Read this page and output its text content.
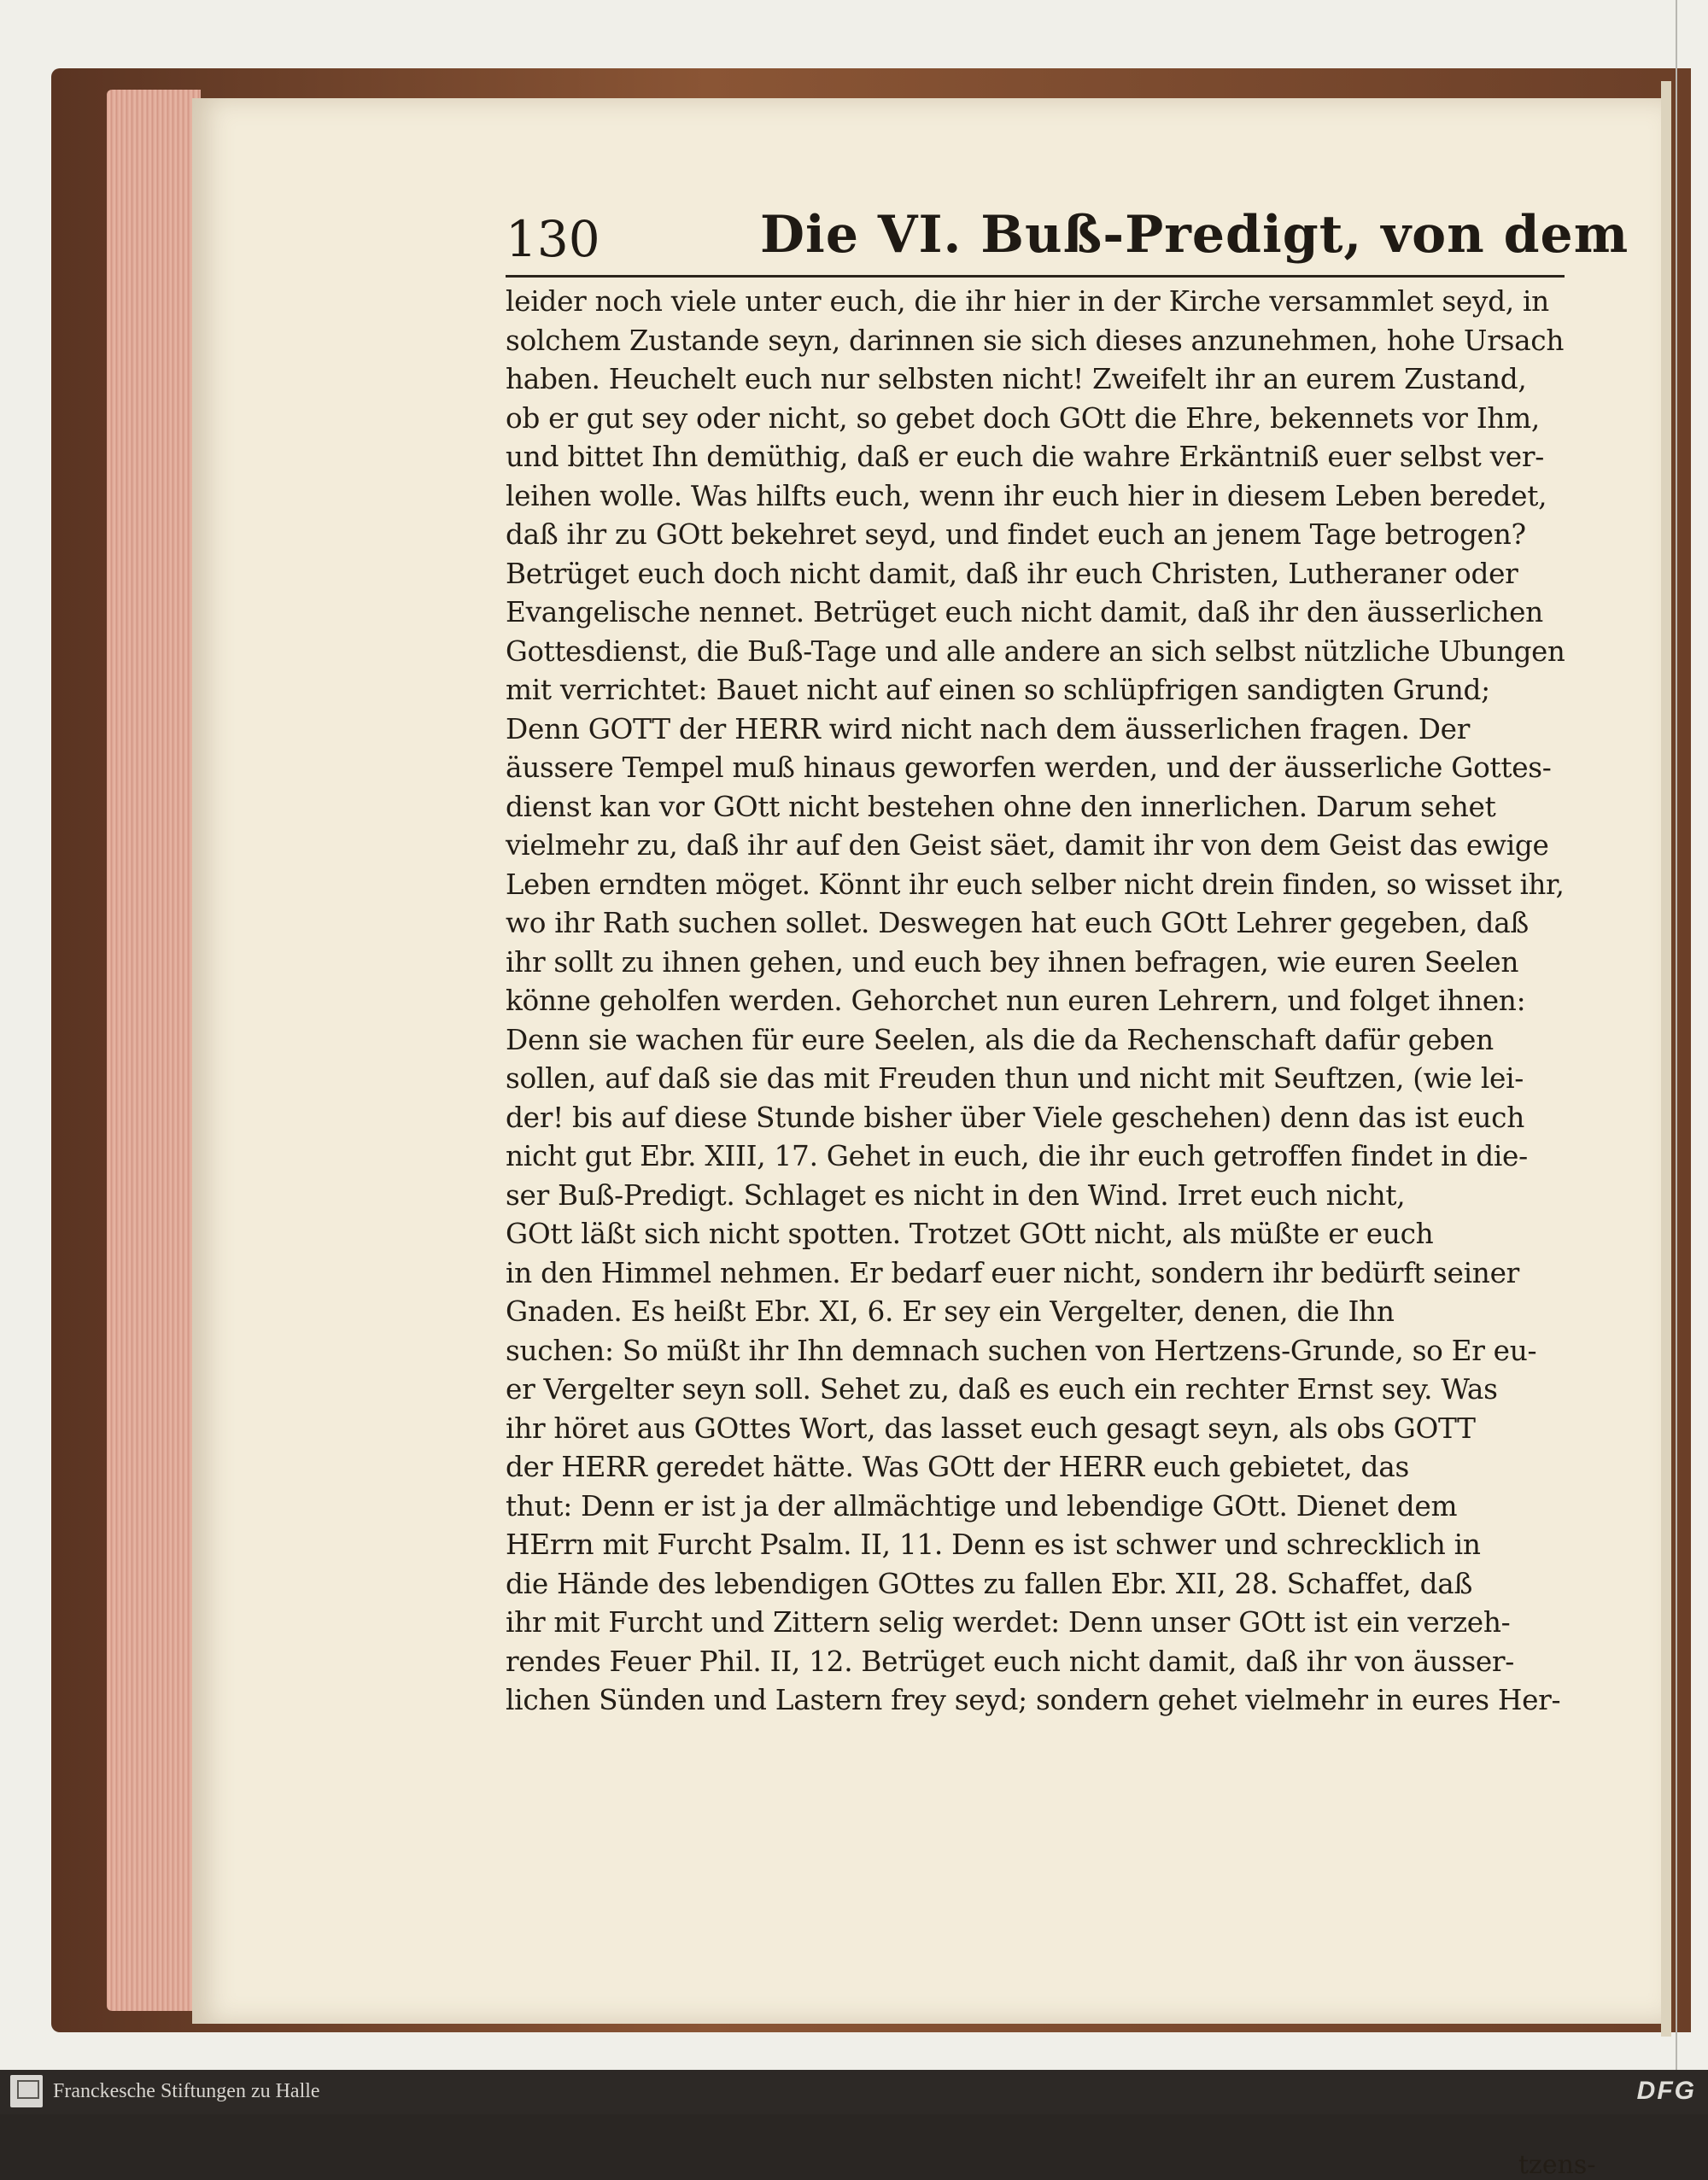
130	Die VI. Buß-Predigt, von dem
leider noch viele unter euch, die ihr hier in der Kirche versammlet seyd, in
solchem Zustande seyn, darinnen sie sich dieses anzunehmen, hohe Ursach
haben. Heuchelt euch nur selbsten nicht! Zweifelt ihr an eurem Zustand,
ob er gut sey oder nicht, so gebet doch GOtt die Ehre, bekennets vor Ihm,
und bittet Ihn demüthig, daß er euch die wahre Erkäntniß euer selbst ver-
leihen wolle. Was hilfts euch, wenn ihr euch hier in diesem Leben beredet,
daß ihr zu GOtt bekehret seyd, und findet euch an jenem Tage betrogen?
Betrüget euch doch nicht damit, daß ihr euch Christen, Lutheraner oder
Evangelische nennet. Betrüget euch nicht damit, daß ihr den äusserlichen
Gottesdienst, die Buß-Tage und alle andere an sich selbst nützliche Ubungen
mit verrichtet: Bauet nicht auf einen so schlüpfrigen sandigten Grund;
Denn GOTT der HERR wird nicht nach dem äusserlichen fragen. Der
äussere Tempel muß hinaus geworfen werden, und der äusserliche Gottes-
dienst kan vor GOtt nicht bestehen ohne den innerlichen. Darum sehet
vielmehr zu, daß ihr auf den Geist säet, damit ihr von dem Geist das ewige
Leben erndten möget. Könnt ihr euch selber nicht drein finden, so wisset ihr,
wo ihr Rath suchen sollet. Deswegen hat euch GOtt Lehrer gegeben, daß
ihr sollt zu ihnen gehen, und euch bey ihnen befragen, wie euren Seelen
könne geholfen werden. Gehorchet nun euren Lehrern, und folget ihnen:
Denn sie wachen für eure Seelen, als die da Rechenschaft dafür geben
sollen, auf daß sie das mit Freuden thun und nicht mit Seuftzen, (wie lei-
der! bis auf diese Stunde bisher über Viele geschehen) denn das ist euch
nicht gut Ebr. XIII, 17. Gehet in euch, die ihr euch getroffen findet in die-
ser Buß-Predigt. Schlaget es nicht in den Wind. Irret euch nicht,
GOtt läßt sich nicht spotten. Trotzet GOtt nicht, als müßte er euch
in den Himmel nehmen. Er bedarf euer nicht, sondern ihr bedürft seiner
Gnaden. Es heißt Ebr. XI, 6. Er sey ein Vergelter, denen, die Ihn
suchen: So müßt ihr Ihn demnach suchen von Hertzens-Grunde, so Er eu-
er Vergelter seyn soll. Sehet zu, daß es euch ein rechter Ernst sey. Was
ihr höret aus GOttes Wort, das lasset euch gesagt seyn, als obs GOTT
der HERR geredet hätte. Was GOtt der HERR euch gebietet, das
thut: Denn er ist ja der allmächtige und lebendige GOtt. Dienet dem
HErrn mit Furcht Psalm. II, 11. Denn es ist schwer und schrecklich in
die Hände des lebendigen GOttes zu fallen Ebr. XII, 28. Schaffet, daß
ihr mit Furcht und Zittern selig werdet: Denn unser GOtt ist ein verzeh-
rendes Feuer Phil. II, 12. Betrüget euch nicht damit, daß ihr von äusser-
lichen Sünden und Lastern frey seyd; sondern gehet vielmehr in eures Her-
tzens-
Franckesche Stiftungen zu Halle	DFG
